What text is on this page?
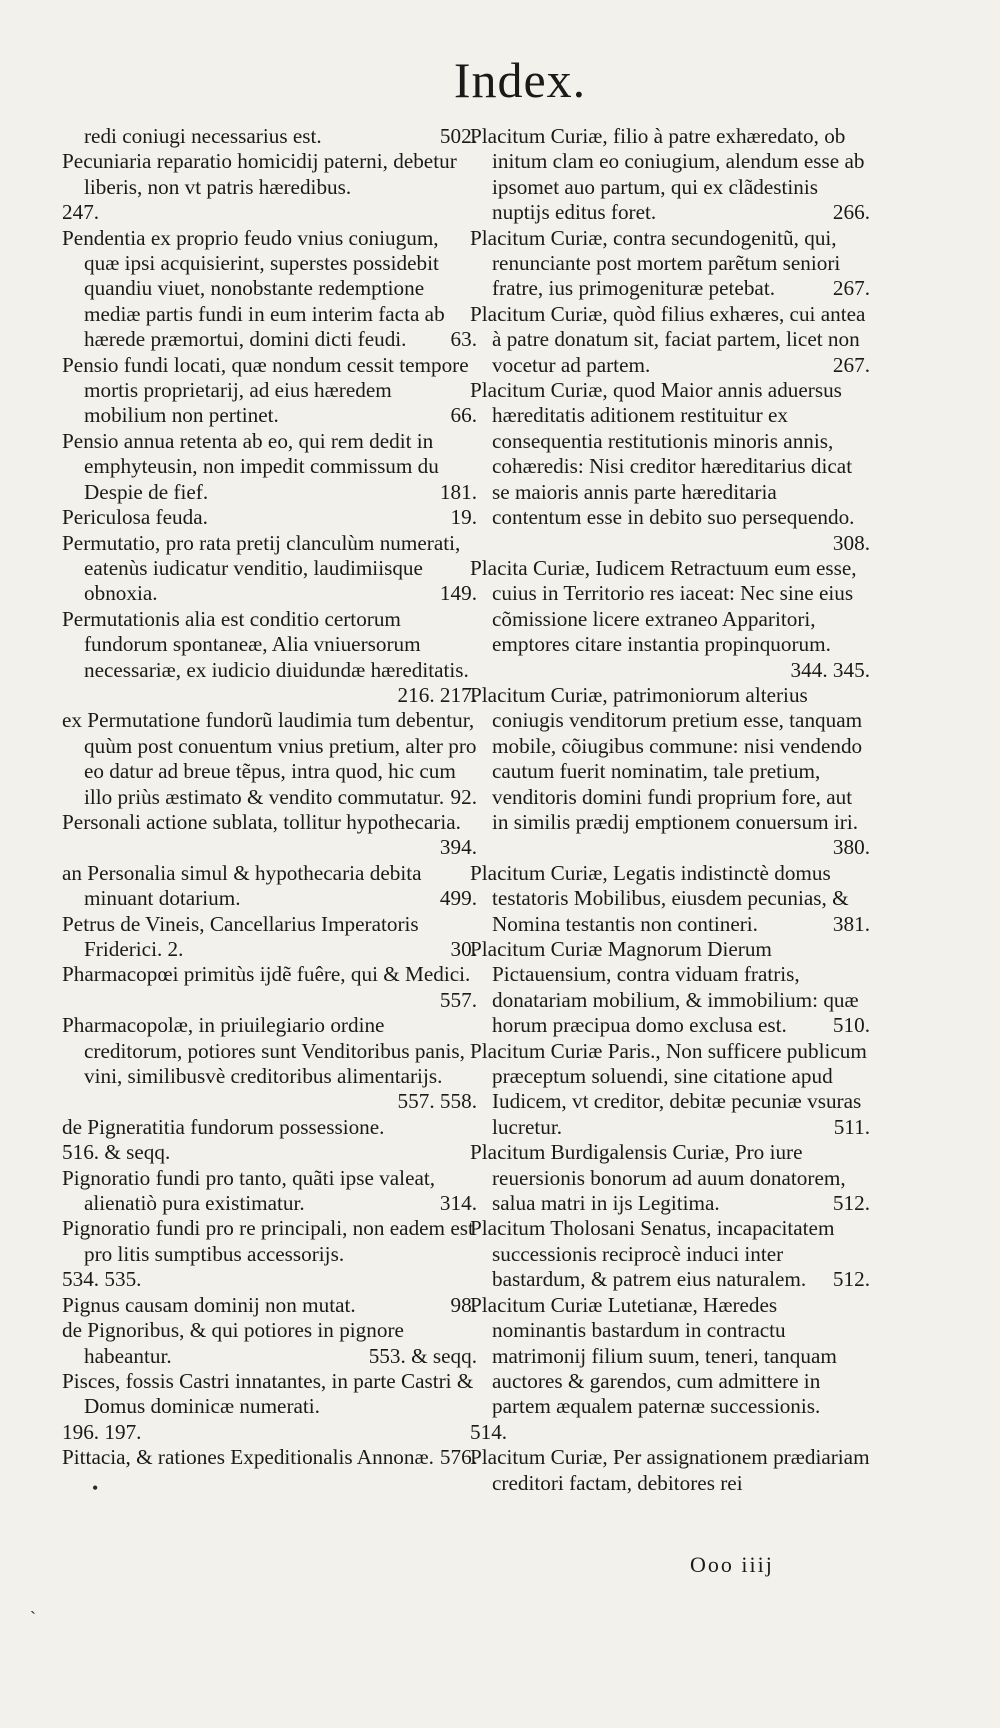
Index.

redi coniugi necessarius est.	502.

Pecuniaria reparatio homicidij paterni, debetur liberis, non vt patris hæredibus.
247.

Pendentia ex proprio feudo vnius coniugum, quæ ipsi acquisierint, superstes possidebit quandiu viuet, nonobstante redemptione mediæ partis fundi in eum interim facta ab hærede præmortui, domini dicti feudi. 63.

Pensio fundi locati, quæ nondum cessit tempore mortis proprietarij, ad eius hæredem mobilium non pertinet.	66.

Pensio annua retenta ab eo, qui rem dedit in emphyteusin, non impedit commissum du Despie de fief.	181.

Periculosa feuda.	19.

Permutatio, pro rata pretij clanculùm numerati, eatenùs iudicatur venditio, laudimiisque obnoxia.	149.

Permutationis alia est conditio certorum fundorum spontaneæ, Alia vniuersorum necessariæ, ex iudicio diuidundæ hæreditatis.
216. 217.

ex Permutatione fundorũ laudimia tum debentur, quùm post conuentum vnius pretium, alter pro eo datur ad breue tẽpus, intra quod, hic cum illo priùs æstimato & vendito commutatur. 92.

Personali actione sublata, tollitur hypothecaria.
394.

an Personalia simul & hypothecaria debita minuant dotarium.	499.

Petrus de Vineis, Cancellarius Imperatoris Friderici. 2.	30.

Pharmacopœi primitùs ijdẽ fuêre, qui & Medici.
557.

Pharmacopolæ, in priuilegiario ordine creditorum, potiores sunt Venditoribus panis, vini, similibusvè creditoribus alimentarijs.
557. 558.

de Pigneratitia fundorum possessione.
516. & seqq.

Pignoratio fundi pro tanto, quãti ipse valeat, alienatiò pura existimatur.	314.

Pignoratio fundi pro re principali, non eadem est pro litis sumptibus accessorijs.
534. 535.

Pignus causam dominij non mutat.	98.

de Pignoribus, & qui potiores in pignore habeantur.	553. & seqq.

Pisces, fossis Castri innatantes, in parte Castri & Domus dominicæ numerati.
196. 197.

Pittacia, & rationes Expeditionalis Annonæ. 576.

Placitum Curiæ, filio à patre exhæredato, ob initum clam eo coniugium, alendum esse ab ipsomet auo partum, qui ex clãdestinis nuptijs editus foret.	266.

Placitum Curiæ, contra secundogenitũ, qui, renunciante post mortem parẽtum seniori fratre, ius primogenituræ petebat.	267.

Placitum Curiæ, quòd filius exhæres, cui antea à patre donatum sit, faciat partem, licet non vocetur ad partem.	267.

Placitum Curiæ, quod Maior annis aduersus hæreditatis aditionem restituitur ex consequentia restitutionis minoris annis, cohæredis: Nisi creditor hæreditarius dicat se maioris annis parte hæreditaria contentum esse in debito suo persequendo.
308.

Placita Curiæ, Iudicem Retractuum eum esse, cuius in Territorio res iaceat: Nec sine eius cõmissione licere extraneo Apparitori, emptores citare instantia propinquorum.
344. 345.

Placitum Curiæ, patrimoniorum alterius coniugis venditorum pretium esse, tanquam mobile, cõiugibus commune: nisi vendendo cautum fuerit nominatim, tale pretium, venditoris domini fundi proprium fore, aut in similis prædij emptionem conuersum iri.
380.

Placitum Curiæ, Legatis indistinctè domus testatoris Mobilibus, eiusdem pecunias, & Nomina testantis non contineri.	381.

Placitum Curiæ Magnorum Dierum Pictauensium, contra viduam fratris, donatariam mobilium, & immobilium: quæ horum præcipua domo exclusa est. 510.

Placitum Curiæ Paris., Non sufficere publicum præceptum soluendi, sine citatione apud Iudicem, vt creditor, debitæ pecuniæ vsuras lucretur.	511.

Placitum Burdigalensis Curiæ, Pro iure reuersionis bonorum ad auum donatorem, salua matri in ijs Legitima.	512.

Placitum Tholosani Senatus, incapacitatem successionis reciprocè induci inter bastardum, & patrem eius naturalem. 512.

Placitum Curiæ Lutetianæ, Hæredes nominantis bastardum in contractu matrimonij filium suum, teneri, tanquam auctores & garendos, cum admittere in partem æqualem paternæ successionis.
514.

Placitum Curiæ, Per assignationem prædiariam creditori factam, debitores rei

Ooo iiij
•
ˏ
